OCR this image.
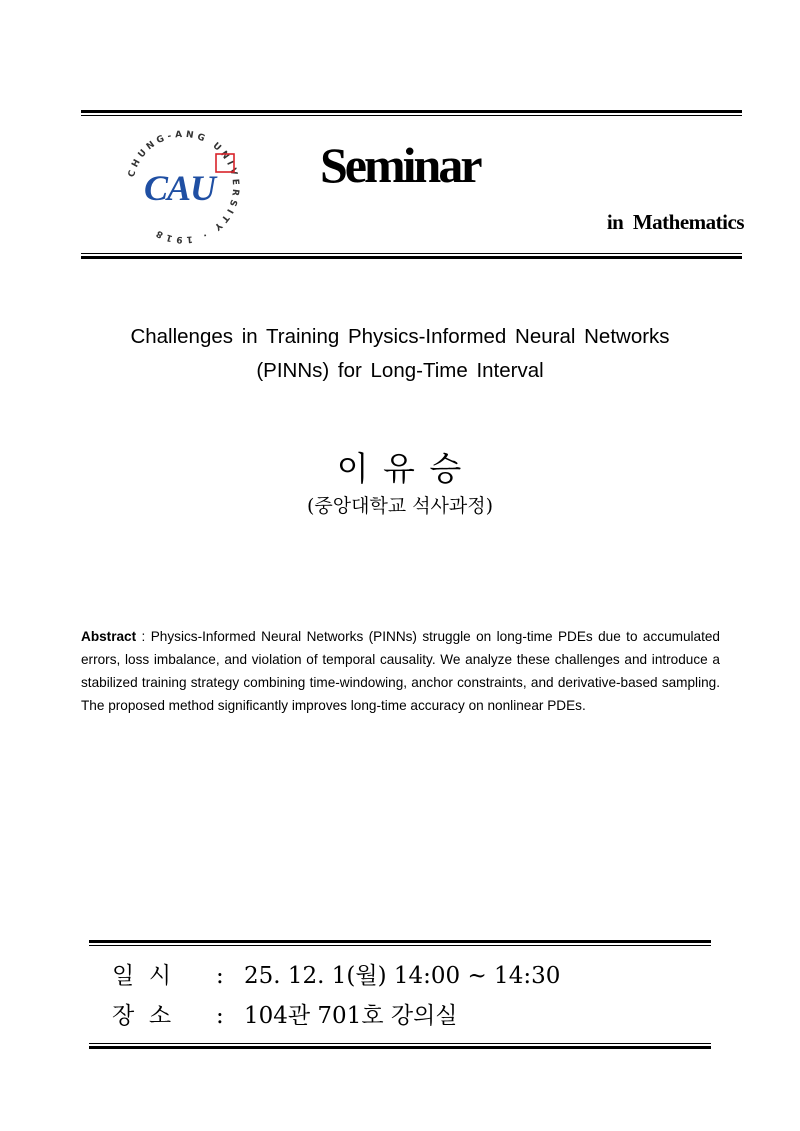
CHUNG-ANG UNIVERSITY · 1918
CAU Seminar
in  Mathematics
Challenges in Training Physics-Informed Neural Networks
(PINNs) for Long-Time Interval
이 유 승
(중앙대학교 석사과정)
Abstract : Physics-Informed Neural Networks (PINNs) struggle on long-time PDEs due to accumulated errors, loss imbalance, and violation of temporal causality. We analyze these challenges and introduce a stabilized training strategy combining time-windowing, anchor constraints, and derivative-based sampling. The proposed method significantly improves long-time accuracy on nonlinear PDEs.
일  시 : 25. 12. 1(월) 14:00 ~ 14:30
장  소 : 104관 701호 강의실
